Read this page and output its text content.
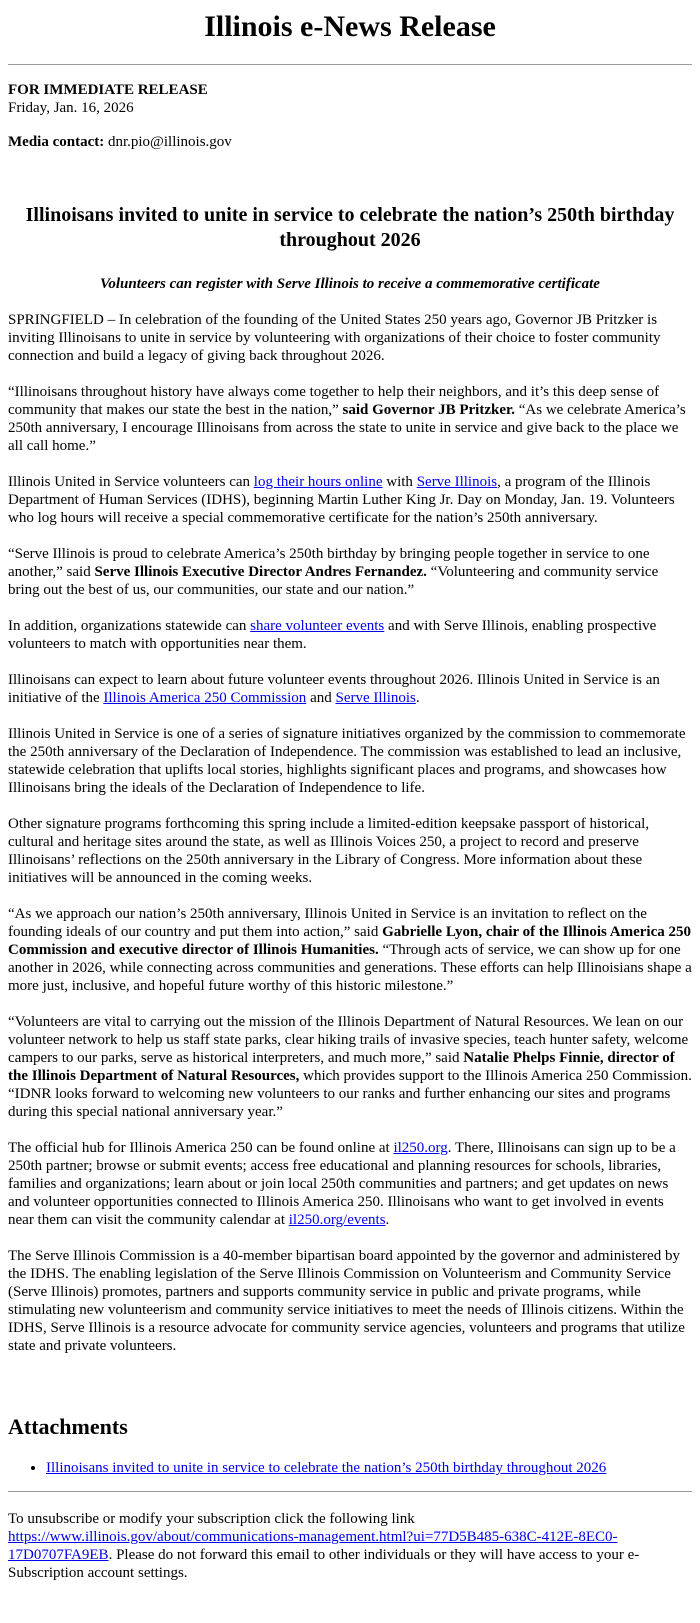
Illinois e-News Release
FOR IMMEDIATE RELEASE
Friday, Jan. 16, 2026
Media contact: dnr.pio@illinois.gov
Illinoisans invited to unite in service to celebrate the nation’s 250th birthday throughout 2026
Volunteers can register with Serve Illinois to receive a commemorative certificate

SPRINGFIELD – In celebration of the founding of the United States 250 years ago, Governor JB Pritzker is inviting Illinoisans to unite in service by volunteering with organizations of their choice to foster community connection and build a legacy of giving back throughout 2026.

“Illinoisans throughout history have always come together to help their neighbors, and it’s this deep sense of community that makes our state the best in the nation,” said Governor JB Pritzker. “As we celebrate America’s 250th anniversary, I encourage Illinoisans from across the state to unite in service and give back to the place we all call home.”

Illinois United in Service volunteers can log their hours online with Serve Illinois, a program of the Illinois Department of Human Services (IDHS), beginning Martin Luther King Jr. Day on Monday, Jan. 19. Volunteers who log hours will receive a special commemorative certificate for the nation’s 250th anniversary.

“Serve Illinois is proud to celebrate America’s 250th birthday by bringing people together in service to one another,” said Serve Illinois Executive Director Andres Fernandez. “Volunteering and community service bring out the best of us, our communities, our state and our nation.”

In addition, organizations statewide can share volunteer events and with Serve Illinois, enabling prospective volunteers to match with opportunities near them.

Illinoisans can expect to learn about future volunteer events throughout 2026. Illinois United in Service is an initiative of the Illinois America 250 Commission and Serve Illinois.

Illinois United in Service is one of a series of signature initiatives organized by the commission to commemorate the 250th anniversary of the Declaration of Independence. The commission was established to lead an inclusive, statewide celebration that uplifts local stories, highlights significant places and programs, and showcases how Illinoisans bring the ideals of the Declaration of Independence to life.

Other signature programs forthcoming this spring include a limited-edition keepsake passport of historical, cultural and heritage sites around the state, as well as Illinois Voices 250, a project to record and preserve Illinoisans’ reflections on the 250th anniversary in the Library of Congress. More information about these initiatives will be announced in the coming weeks.

“As we approach our nation’s 250th anniversary, Illinois United in Service is an invitation to reflect on the founding ideals of our country and put them into action,” said Gabrielle Lyon, chair of the Illinois America 250 Commission and executive director of Illinois Humanities. “Through acts of service, we can show up for one another in 2026, while connecting across communities and generations. These efforts can help Illinoisians shape a more just, inclusive, and hopeful future worthy of this historic milestone.”

“Volunteers are vital to carrying out the mission of the Illinois Department of Natural Resources. We lean on our volunteer network to help us staff state parks, clear hiking trails of invasive species, teach hunter safety, welcome campers to our parks, serve as historical interpreters, and much more,” said Natalie Phelps Finnie, director of the Illinois Department of Natural Resources, which provides support to the Illinois America 250 Commission. “IDNR looks forward to welcoming new volunteers to our ranks and further enhancing our sites and programs during this special national anniversary year.”

The official hub for Illinois America 250 can be found online at il250.org. There, Illinoisans can sign up to be a 250th partner; browse or submit events; access free educational and planning resources for schools, libraries, families and organizations; learn about or join local 250th communities and partners; and get updates on news and volunteer opportunities connected to Illinois America 250. Illinoisans who want to get involved in events near them can visit the community calendar at il250.org/events.

The Serve Illinois Commission is a 40-member bipartisan board appointed by the governor and administered by the IDHS. The enabling legislation of the Serve Illinois Commission on Volunteerism and Community Service (Serve Illinois) promotes, partners and supports community service in public and private programs, while stimulating new volunteerism and community service initiatives to meet the needs of Illinois citizens. Within the IDHS, Serve Illinois is a resource advocate for community service agencies, volunteers and programs that utilize state and private volunteers.

Attachments
• Illinoisans invited to unite in service to celebrate the nation’s 250th birthday throughout 2026
To unsubscribe or modify your subscription click the following link https://www.illinois.gov/about/communications-management.html?ui=77D5B485-638C-412E-8EC0-17D0707FA9EB. Please do not forward this email to other individuals or they will have access to your e-Subscription account settings.
